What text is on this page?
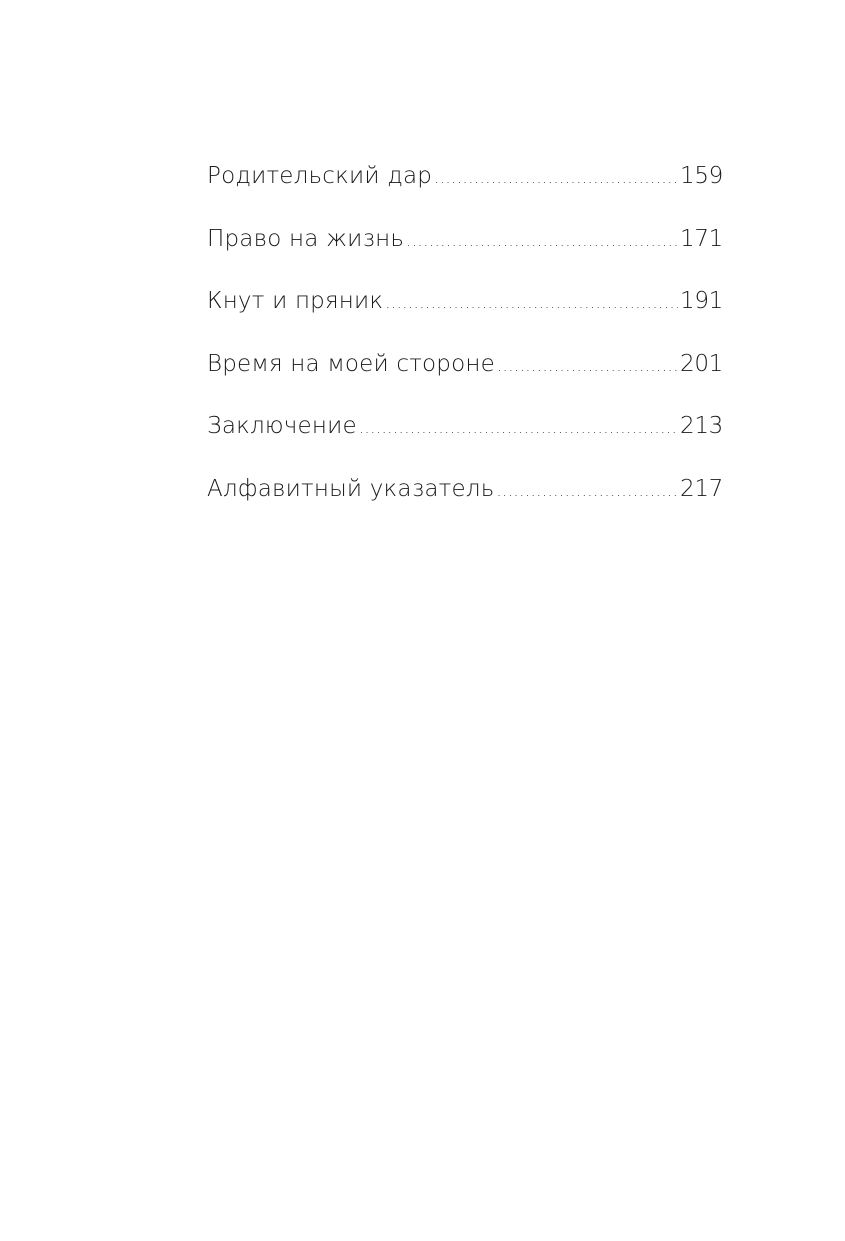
Родительский дар .....	159
Право на жизнь .....	171
Кнут и пряник .....	191
Время на моей стороне .....	201
Заключение .....	213
Алфавитный указатель .....	217
